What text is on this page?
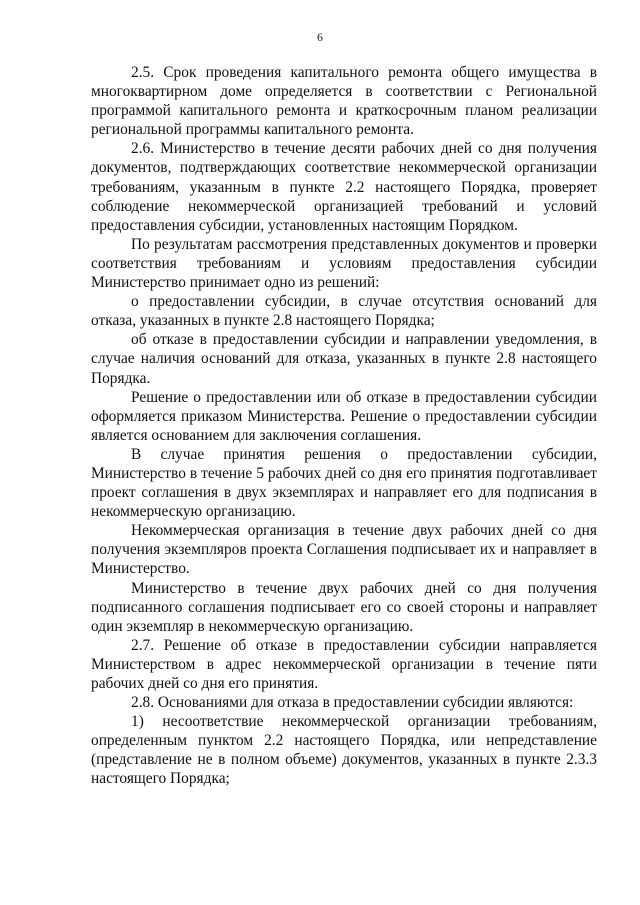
6

2.5. Срок проведения капитального ремонта общего имущества в многоквартирном доме определяется в соответствии с Региональной программой капитального ремонта и краткосрочным планом реализации региональной программы капитального ремонта.

2.6. Министерство в течение десяти рабочих дней со дня получения документов, подтверждающих соответствие некоммерческой организации требованиям, указанным в пункте 2.2 настоящего Порядка, проверяет соблюдение некоммерческой организацией требований и условий предоставления субсидии, установленных настоящим Порядком.

По результатам рассмотрения представленных документов и проверки соответствия требованиям и условиям предоставления субсидии Министерство принимает одно из решений:

о предоставлении субсидии, в случае отсутствия оснований для отказа, указанных в пункте 2.8 настоящего Порядка;

об отказе в предоставлении субсидии и направлении уведомления, в случае наличия оснований для отказа, указанных в пункте 2.8 настоящего Порядка.

Решение о предоставлении или об отказе в предоставлении субсидии оформляется приказом Министерства. Решение о предоставлении субсидии является основанием для заключения соглашения.

В случае принятия решения о предоставлении субсидии, Министерство в течение 5 рабочих дней со дня его принятия подготавливает проект соглашения в двух экземплярах и направляет его для подписания в некоммерческую организацию.

Некоммерческая организация в течение двух рабочих дней со дня получения экземпляров проекта Соглашения подписывает их и направляет в Министерство.

Министерство в течение двух рабочих дней со дня получения подписанного соглашения подписывает его со своей стороны и направляет один экземпляр в некоммерческую организацию.

2.7. Решение об отказе в предоставлении субсидии направляется Министерством в адрес некоммерческой организации в течение пяти рабочих дней со дня его принятия.

2.8. Основаниями для отказа в предоставлении субсидии являются:

1) несоответствие некоммерческой организации требованиям, определенным пунктом 2.2 настоящего Порядка, или непредставление (представление не в полном объеме) документов, указанных в пункте 2.3.3 настоящего Порядка;
